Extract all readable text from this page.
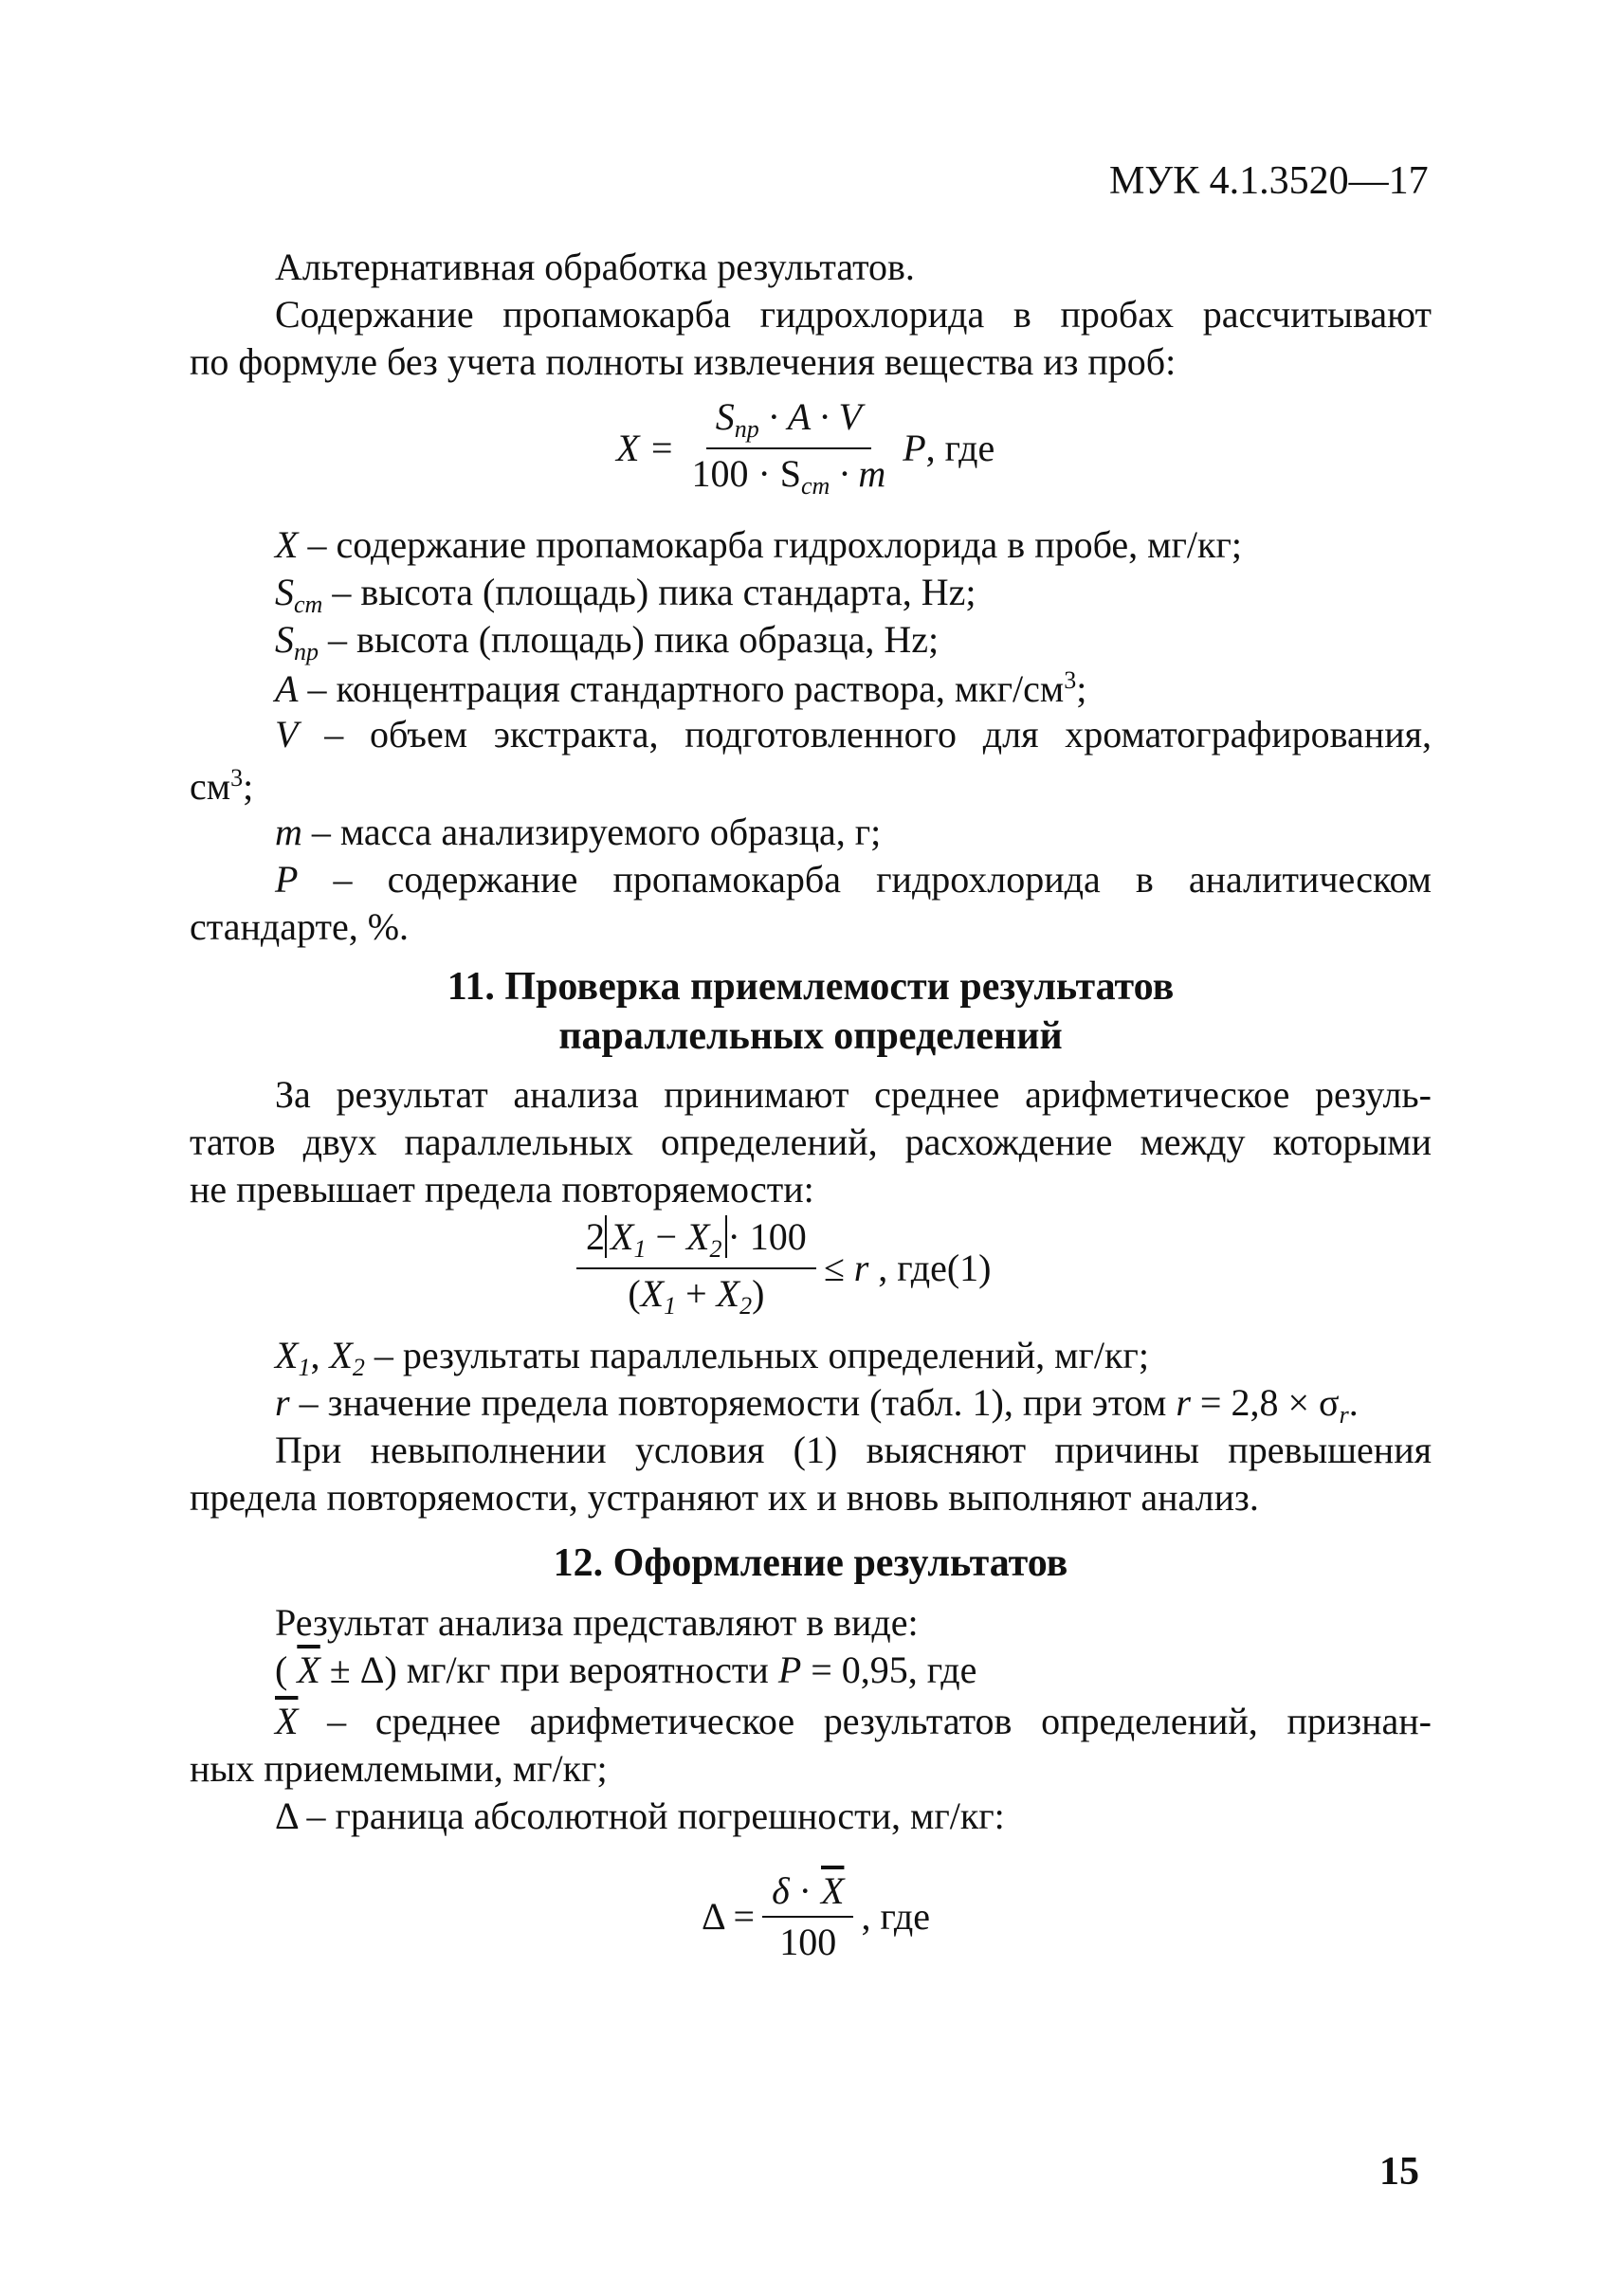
МУК 4.1.3520—17
Альтернативная обработка результатов.
Содержание пропамокарба гидрохлорида в пробах рассчитывают
по формуле без учета полноты извлечения вещества из проб:
$X = \frac{S_{пр} \cdot A \cdot V}{100 \cdot S_{ст} \cdot m}$ P , где
X – содержание пропамокарба гидрохлорида в пробе, мг/кг;
$S_{cm}$ – высота (площадь) пика стандарта, Hz;
$S_{np}$ – высота (площадь) пика образца, Hz;
A – концентрация стандартного раствора, мкг/$см^3$;
V – объем экстракта, подготовленного для хроматографирования,
$см^3$;
m – масса анализируемого образца, г;
P – содержание пропамокарба гидрохлорида в аналитическом
стандарте, %.
11. Проверка приемлемости результатов
параллельных определений
За результат анализа принимают среднее арифметическое резуль-
татов двух параллельных определений, расхождение между которыми
не превышает предела повторяемости:
$\frac{2 X_1 - X_2 \cdot 100}{(X_1 + X_2)} \le r$
, где(1)
$X_1$, $X_2$ – результаты параллельных определений, мг/кг;
r – значение предела повторяемости (табл. 1), при этом $r = 2,8 \times \sigma_r$.
При невыполнении условия (1) выясняют причины превышения
предела повторяемости, устраняют их и вновь выполняют анализ.
12. Оформление результатов
Результат анализа представляют в виде:
( $\overline{X} \pm \Delta$) мг/кг при вероятности P = 0,95, где
$\overline{X}$ – среднее арифметическое результатов определений, признан-
ных приемлемыми, мг/кг;
Δ – граница абсолютной погрешности, мг/кг:
$\Delta = \frac{\delta \cdot \overline{X}}{100}$ , где
15
